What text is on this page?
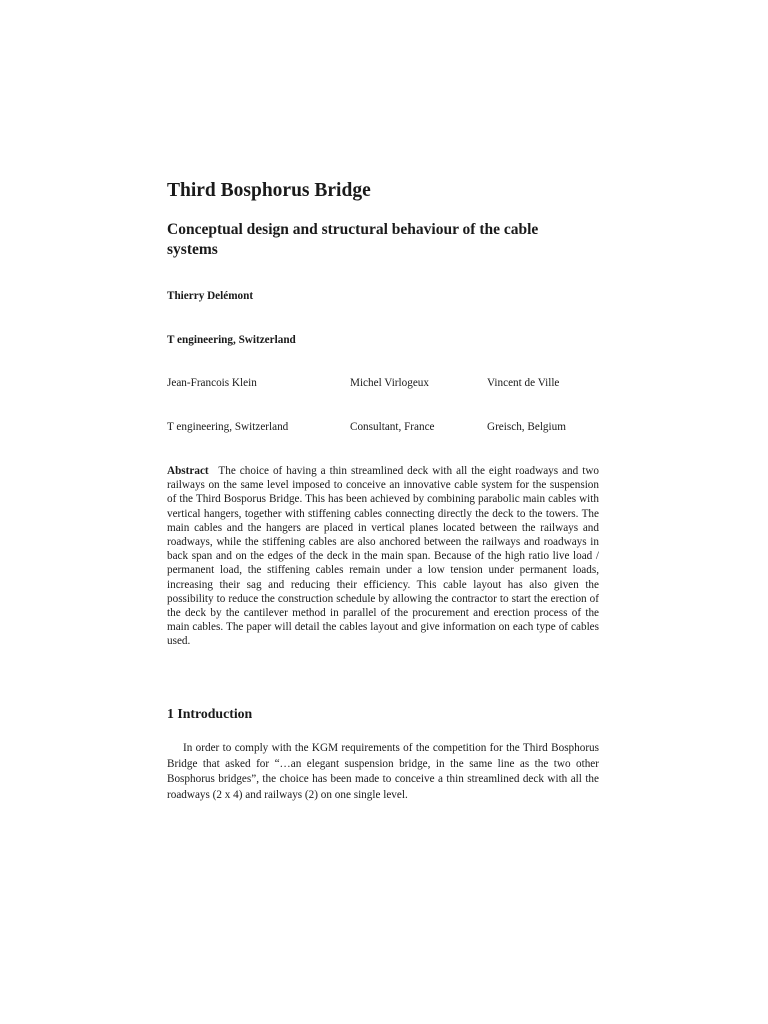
Third Bosphorus Bridge
Conceptual design and structural behaviour of the cable systems
Thierry Delémont
T engineering, Switzerland
Jean-Francois Klein	Michel Virlogeux	Vincent de Ville
T engineering, Switzerland	Consultant, France	Greisch, Belgium

Abstract The choice of having a thin streamlined deck with all the eight roadways and two railways on the same level imposed to conceive an innovative cable system for the suspension of the Third Bosporus Bridge. This has been achieved by combining parabolic main cables with vertical hangers, together with stiffening cables connecting directly the deck to the towers. The main cables and the hangers are placed in vertical planes located between the railways and roadways, while the stiffening cables are also anchored between the railways and roadways in back span and on the edges of the deck in the main span. Because of the high ratio live load / permanent load, the stiffening cables remain under a low tension under permanent loads, increasing their sag and reducing their efficiency. This cable layout has also given the possibility to reduce the construction schedule by allowing the contractor to start the erection of the deck by the cantilever method in parallel of the procurement and erection process of the main cables. The paper will detail the cables layout and give information on each type of cables used.

1 Introduction

In order to comply with the KGM requirements of the competition for the Third Bosphorus Bridge that asked for “…an elegant suspension bridge, in the same line as the two other Bosphorus bridges”, the choice has been made to conceive a thin streamlined deck with all the roadways (2 x 4) and railways (2) on one single level.
